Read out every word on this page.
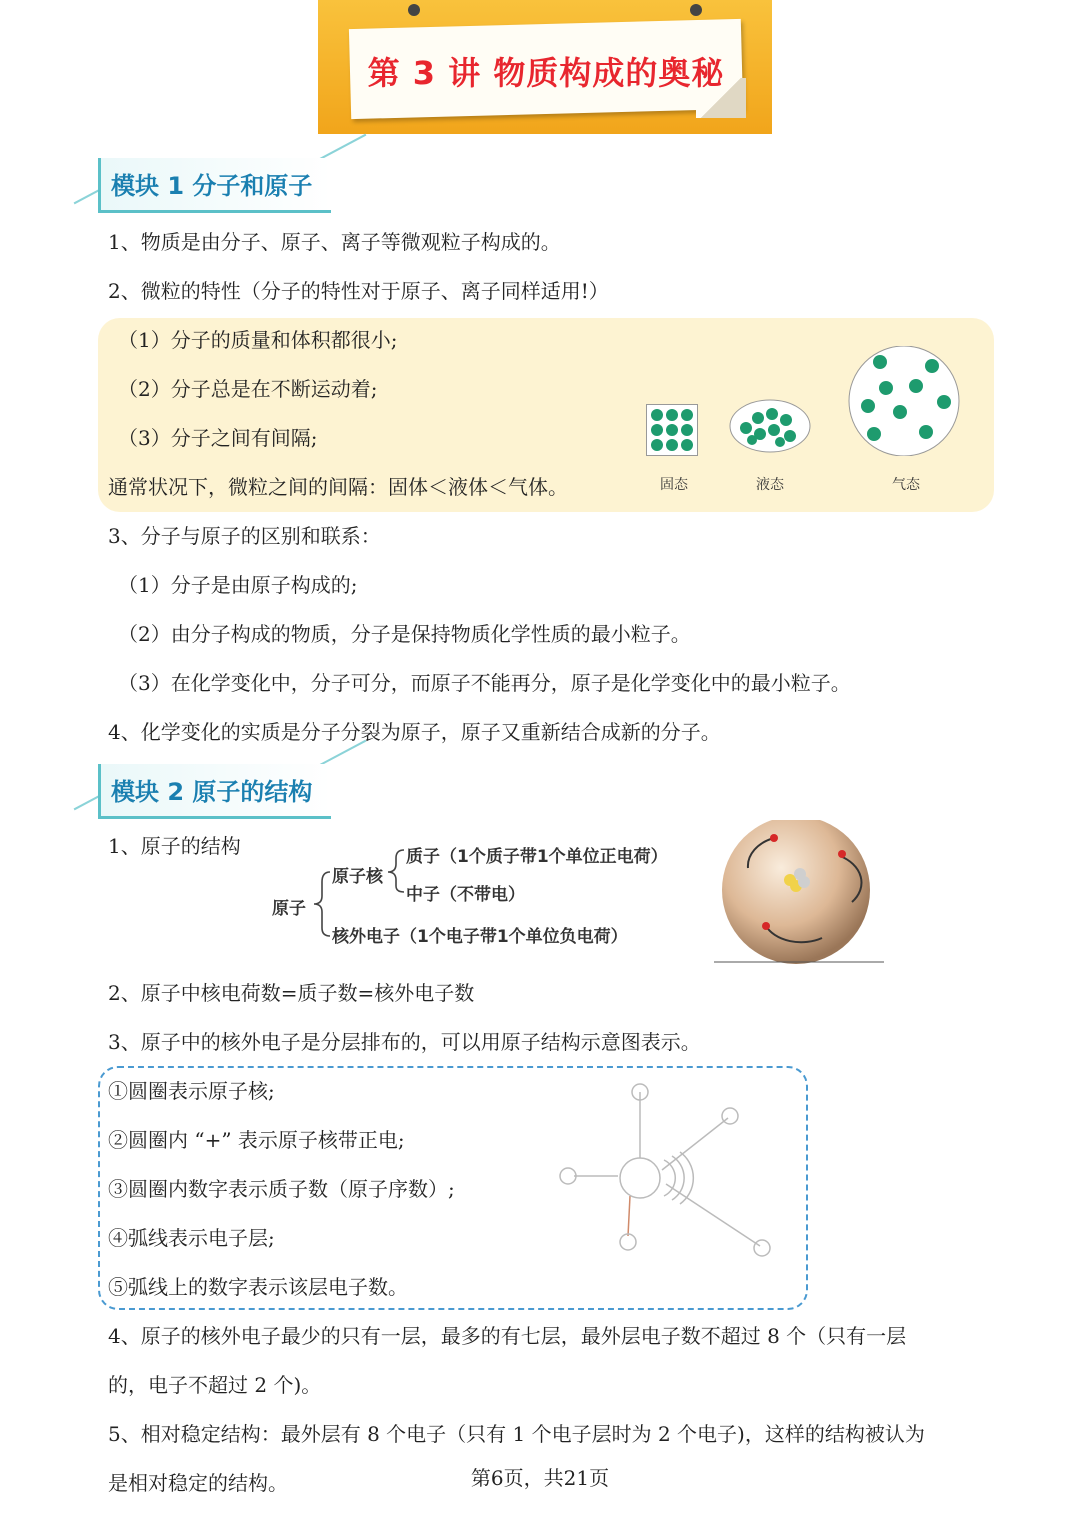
第 3 讲 物质构成的奥秘
模块 1 分子和原子
1、物质是由分子、原子、离子等微观粒子构成的。
2、微粒的特性（分子的特性对于原子、离子同样适用!）
（1）分子的质量和体积都很小;
（2）分子总是在不断运动着;
（3）分子之间有间隔;
通常状况下，微粒之间的间隔：固体＜液体＜气体。	固态	液态	气态
3、分子与原子的区别和联系：
（1）分子是由原子构成的;
（2）由分子构成的物质，分子是保持物质化学性质的最小粒子。
（3）在化学变化中，分子可分，而原子不能再分，原子是化学变化中的最小粒子。
4、化学变化的实质是分子分裂为原子，原子又重新结合成新的分子。
模块 2 原子的结构
1、原子的结构
原子
原子核
质子（1个质子带1个单位正电荷）
中子（不带电）
核外电子（1个电子带1个单位负电荷）
2、原子中核电荷数=质子数=核外电子数
3、原子中的核外电子是分层排布的，可以用原子结构示意图表示。
①圆圈表示原子核;
②圆圈内 “+” 表示原子核带正电;
③圆圈内数字表示质子数（原子序数）;
④弧线表示电子层;
⑤弧线上的数字表示该层电子数。
4、原子的核外电子最少的只有一层，最多的有七层，最外层电子数不超过 8 个（只有一层
的，电子不超过 2 个)。
5、相对稳定结构：最外层有 8 个电子（只有 1 个电子层时为 2 个电子)，这样的结构被认为
是相对稳定的结构。	第6页，共21页
